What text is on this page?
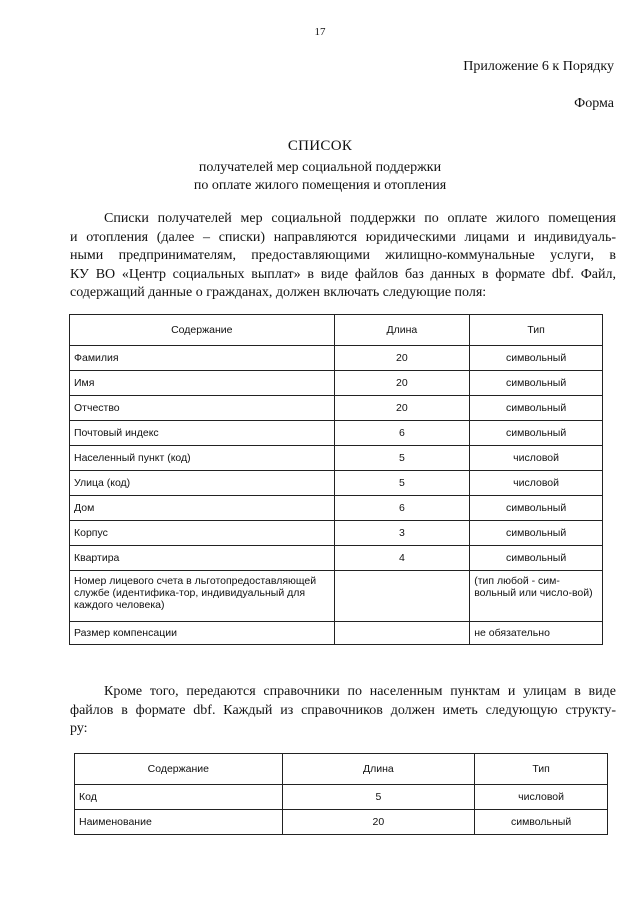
17
Приложение 6 к Порядку
Форма
СПИСОК
получателей мер социальной поддержки
по оплате жилого помещения и отопления
Списки получателей мер социальной поддержки по оплате жилого помещения
и отопления (далее – списки) направляются юридическими лицами и индивидуаль-
ными предпринимателям, предоставляющими жилищно-коммунальные услуги, в
КУ ВО «Центр социальных выплат» в виде файлов баз данных в формате dbf. Файл,
содержащий данные о гражданах, должен включать следующие поля:
Содержание	Длина	Тип
Фамилия	20	символьный
Имя	20	символьный
Отчество	20	символьный
Почтовый индекс	6	символьный
Населенный пункт (код)	5	числовой
Улица (код)	5	числовой
Дом	6	символьный
Корпус	3	символьный
Квартира	4	символьный
Номер лицевого счета в льготопредоставляющей службе (идентифика-тор, индивидуальный для каждого человека)		(тип любой - сим-вольный или число-вой)
Размер компенсации		не обязательно
Кроме того, передаются справочники по населенным пунктам и улицам в виде
файлов в формате dbf. Каждый из справочников должен иметь следующую структу-
ру:
Содержание	Длина	Тип
Код	5	числовой
Наименование	20	символьный
